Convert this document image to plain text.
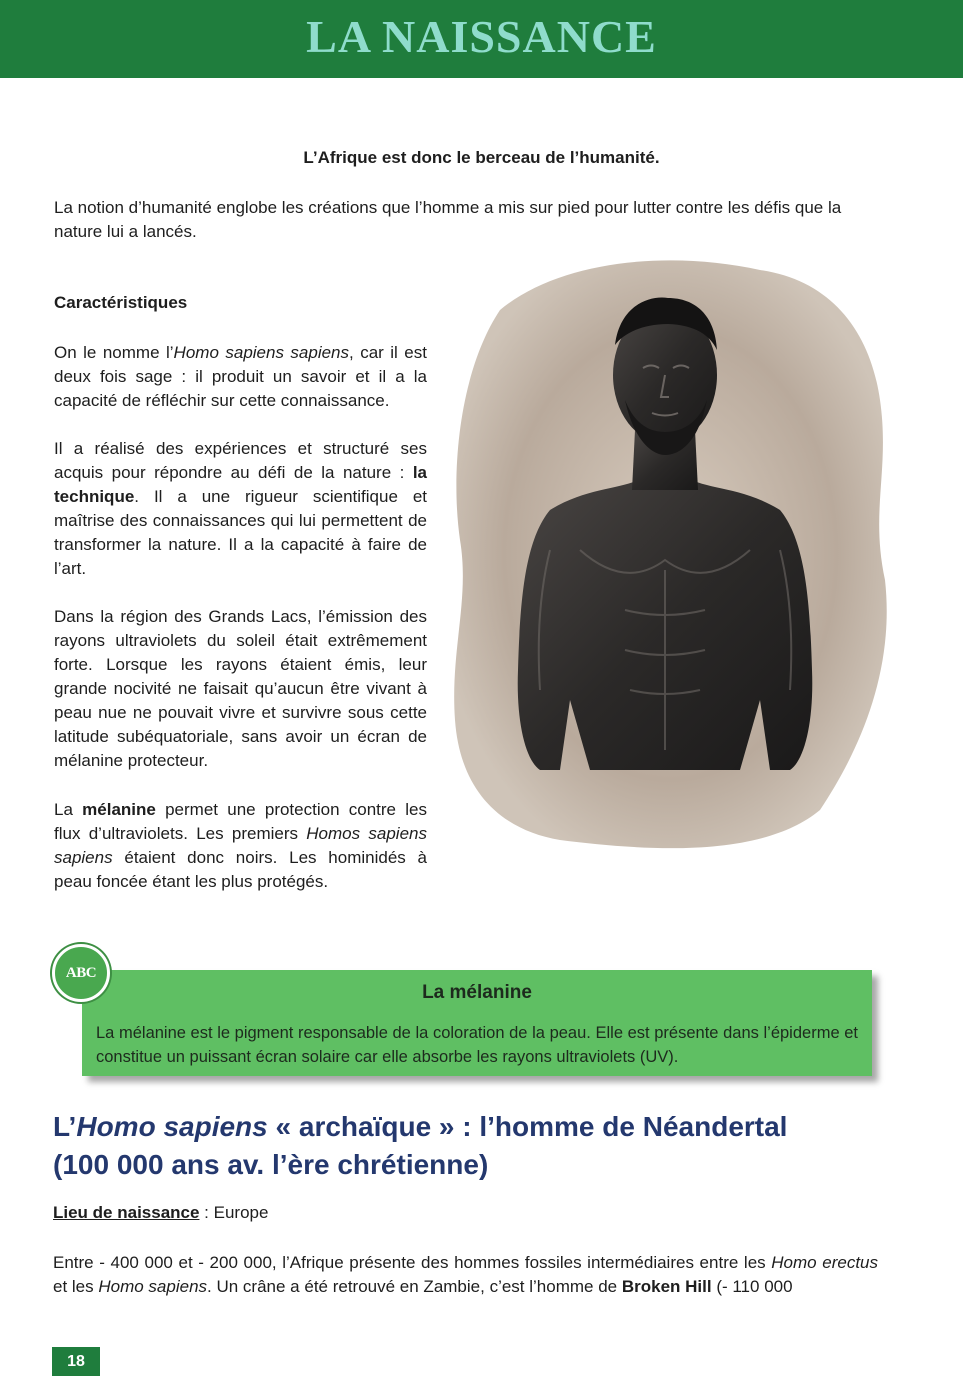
LA NAISSANCE
L’Afrique est donc le berceau de l’humanité.

La notion d’humanité englobe les créations que l’homme a mis sur pied pour lutter contre les défis que la nature lui a lancés.

Caractéristiques

On le nomme l’Homo sapiens sapiens, car il est deux fois sage : il produit un savoir et il a la capacité de réfléchir sur cette connaissance.

Il a réalisé des expériences et structuré ses acquis pour répondre au défi de la nature : la technique. Il a une rigueur scientifique et maîtrise des connaissances qui lui permettent de transformer la nature. Il a la capacité à faire de l’art.

Dans la région des Grands Lacs, l’émission des rayons ultraviolets du soleil était extrêmement forte. Lorsque les rayons étaient émis, leur grande nocivité ne faisait qu’aucun être vivant à peau nue ne pouvait vivre et survivre sous cette latitude subéquatoriale, sans avoir un écran de mélanine protecteur.

La mélanine permet une protection contre les flux d’ultraviolets. Les premiers Homos sapiens sapiens étaient donc noirs. Les hominidés à peau foncée étant les plus protégés.

ABC
La mélanine

La mélanine est le pigment responsable de la coloration de la peau. Elle est présente dans l’épiderme et constitue un puissant écran solaire car elle absorbe les rayons ultraviolets (UV).

L’Homo sapiens « archaïque » : l’homme de Néandertal
(100 000 ans av. l’ère chrétienne)
Lieu de naissance : Europe

Entre - 400 000 et - 200 000, l’Afrique présente des hommes fossiles intermédiaires entre les Homo erectus et les Homo sapiens. Un crâne a été retrouvé en Zambie, c’est l’homme de Broken Hill (- 110 000

18
